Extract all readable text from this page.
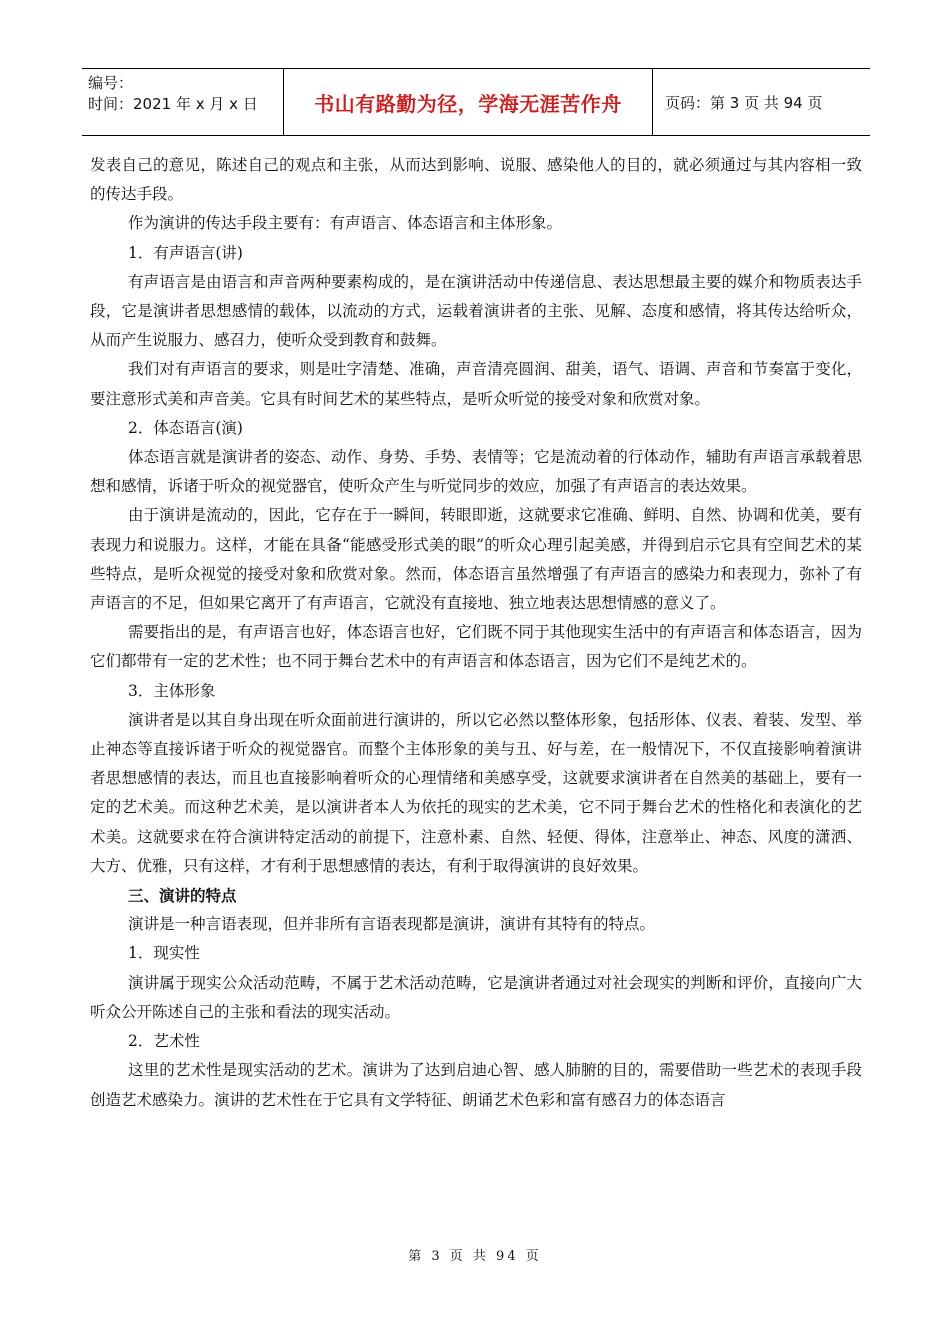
编号：
时间：2021 年 x 月 x 日	书山有路勤为径，学海无涯苦作舟	页码：第 3 页 共 94 页

发表自己的意见，陈述自己的观点和主张，从而达到影响、说服、感染他人的目的，就必须通过与其内容相一致的传达手段。

作为演讲的传达手段主要有：有声语言、体态语言和主体形象。

1．有声语言(讲)

有声语言是由语言和声音两种要素构成的，是在演讲活动中传递信息、表达思想最主要的媒介和物质表达手段，它是演讲者思想感情的载体，以流动的方式，运载着演讲者的主张、见解、态度和感情，将其传达给听众，从而产生说服力、感召力，使听众受到教育和鼓舞。

我们对有声语言的要求，则是吐字清楚、准确，声音清亮圆润、甜美，语气、语调、声音和节奏富于变化，要注意形式美和声音美。它具有时间艺术的某些特点，是听众听觉的接受对象和欣赏对象。

2．体态语言(演)

体态语言就是演讲者的姿态、动作、身势、手势、表情等；它是流动着的行体动作，辅助有声语言承载着思想和感情，诉诸于听众的视觉器官，使听众产生与听觉同步的效应，加强了有声语言的表达效果。

由于演讲是流动的，因此，它存在于一瞬间，转眼即逝，这就要求它准确、鲜明、自然、协调和优美，要有表现力和说服力。这样，才能在具备“能感受形式美的眼”的听众心理引起美感，并得到启示它具有空间艺术的某些特点，是听众视觉的接受对象和欣赏对象。然而，体态语言虽然增强了有声语言的感染力和表现力，弥补了有声语言的不足，但如果它离开了有声语言，它就没有直接地、独立地表达思想情感的意义了。

需要指出的是，有声语言也好，体态语言也好，它们既不同于其他现实生活中的有声语言和体态语言，因为它们都带有一定的艺术性；也不同于舞台艺术中的有声语言和体态语言，因为它们不是纯艺术的。

3．主体形象

演讲者是以其自身出现在听众面前进行演讲的，所以它必然以整体形象，包括形体、仪表、着装、发型、举止神态等直接诉诸于听众的视觉器官。而整个主体形象的美与丑、好与差，在一般情况下，不仅直接影响着演讲者思想感情的表达，而且也直接影响着听众的心理情绪和美感享受，这就要求演讲者在自然美的基础上，要有一定的艺术美。而这种艺术美，是以演讲者本人为依托的现实的艺术美，它不同于舞台艺术的性格化和表演化的艺术美。这就要求在符合演讲特定活动的前提下，注意朴素、自然、轻便、得体，注意举止、神态、风度的潇洒、大方、优雅，只有这样，才有利于思想感情的表达，有利于取得演讲的良好效果。

三、演讲的特点

演讲是一种言语表现，但并非所有言语表现都是演讲，演讲有其特有的特点。

1．现实性

演讲属于现实公众活动范畴，不属于艺术活动范畴，它是演讲者通过对社会现实的判断和评价，直接向广大听众公开陈述自己的主张和看法的现实活动。

2．艺术性

这里的艺术性是现实活动的艺术。演讲为了达到启迪心智、感人肺腑的目的，需要借助一些艺术的表现手段创造艺术感染力。演讲的艺术性在于它具有文学特征、朗诵艺术色彩和富有感召力的体态语言

第 3 页 共 94 页
